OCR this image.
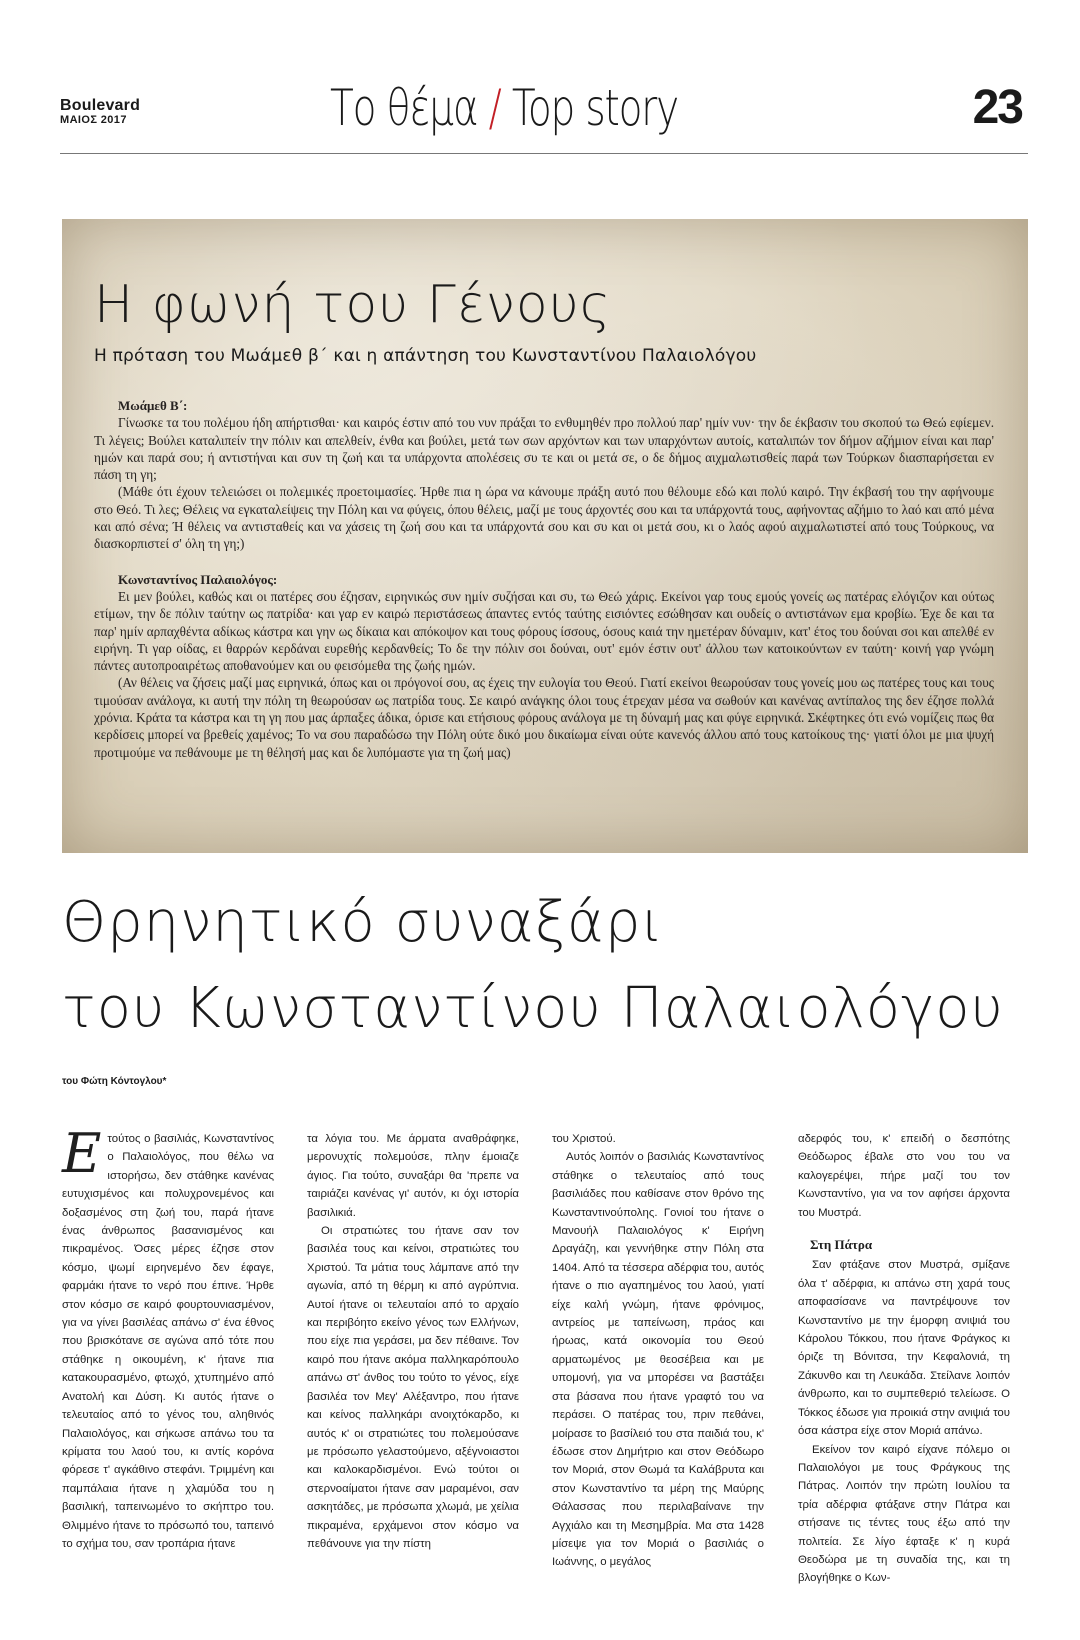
Boulevard
ΜΑΙΟΣ 2017	Το θέμα / Top story	23
Η φωνή του Γένους
Η πρόταση του Μωάμεθ β΄ και η απάντηση του Κωνσταντίνου Παλαιολόγου

Μωάμεθ Β΄:

Γίνωσκε τα του πολέμου ήδη απήρτισθαι· και καιρός έστιν από του νυν πράξαι το ενθυμηθέν προ πολλού παρ' ημίν νυν· την δε έκβασιν του σκοπού τω Θεώ εφίεμεν. Τι λέγεις; Βούλει καταλιπείν την πόλιν και απελθείν, ένθα και βούλει, μετά των σων αρχόντων και των υπαρχόντων αυτοίς, καταλιπών τον δήμον αζήμιον είναι και παρ' ημών και παρά σου; ή αντιστήναι και συν τη ζωή και τα υπάρχοντα απολέσεις συ τε και οι μετά σε, ο δε δήμος αιχμαλωτισθείς παρά των Τούρκων διασπαρήσεται εν πάση τη γη;

(Μάθε ότι έχουν τελειώσει οι πολεμικές προετοιμασίες. Ήρθε πια η ώρα να κάνουμε πράξη αυτό που θέλουμε εδώ και πολύ καιρό. Την έκβασή του την αφήνουμε στο Θεό. Τι λες; Θέλεις να εγκαταλείψεις την Πόλη και να φύγεις, όπου θέλεις, μαζί με τους άρχοντές σου και τα υπάρχοντά τους, αφήνοντας αζήμιο το λαό και από μένα και από σένα; Ή θέλεις να αντισταθείς και να χάσεις τη ζωή σου και τα υπάρχοντά σου και συ και οι μετά σου, κι ο λαός αφού αιχμαλωτιστεί από τους Τούρκους, να διασκορπιστεί σ' όλη τη γη;)

Κωνσταντίνος Παλαιολόγος:

Ει μεν βούλει, καθώς και οι πατέρες σου έζησαν, ειρηνικώς συν ημίν συζήσαι και συ, τω Θεώ χάρις. Εκείνοι γαρ τους εμούς γονείς ως πατέρας ελόγιζον και ούτως ετίμων, την δε πόλιν ταύτην ως πατρίδα· και γαρ εν καιρώ περιστάσεως άπαντες εντός ταύτης εισιόντες εσώθησαν και ουδείς ο αντιστάνων εμα κροβίω. Έχε δε και τα παρ' ημίν αρπαχθέντα αδίκως κάστρα και γην ως δίκαια και απόκοψον και τους φόρους ίσσους, όσους καιά την ημετέραν δύναμιν, κατ' έτος του δούναι σοι και απελθέ εν ειρήνη. Τι γαρ οίδας, ει θαρρών κερδάναι ευρεθής κερδανθείς; Το δε την πόλιν σοι δούναι, ουτ' εμόν έστιν ουτ' άλλου των κατοικούντων εν ταύτη· κοινή γαρ γνώμη πάντες αυτοπροαιρέτως αποθανούμεν και ου φεισόμεθα της ζωής ημών.

(Αν θέλεις να ζήσεις μαζί μας ειρηνικά, όπως και οι πρόγονοί σου, ας έχεις την ευλογία του Θεού. Γιατί εκείνοι θεωρούσαν τους γονείς μου ως πατέρες τους και τους τιμούσαν ανάλογα, κι αυτή την πόλη τη θεωρούσαν ως πατρίδα τους. Σε καιρό ανάγκης όλοι τους έτρεχαν μέσα να σωθούν και κανένας αντίπαλος της δεν έζησε πολλά χρόνια. Κράτα τα κάστρα και τη γη που μας άρπαξες άδικα, όρισε και ετήσιους φόρους ανάλογα με τη δύναμή μας και φύγε ειρηνικά. Σκέφτηκες ότι ενώ νομίζεις πως θα κερδίσεις μπορεί να βρεθείς χαμένος; Το να σου παραδώσω την Πόλη ούτε δικό μου δικαίωμα είναι ούτε κανενός άλλου από τους κατοίκους της· γιατί όλοι με μια ψυχή προτιμούμε να πεθάνουμε με τη θέλησή μας και δε λυπόμαστε για τη ζωή μας)

Θρηνητικό συναξάρι
του Κωνσταντίνου Παλαιολόγου
του Φώτη Κόντογλου*

Ετούτος ο βασιλιάς, Κωνσταντίνος ο Παλαιολόγος, που θέλω να ιστορήσω, δεν στάθηκε κανένας ευτυχισμένος και πολυχρονεμένος και δοξασμένος στη ζωή του, παρά ήτανε ένας άνθρωπος βασανισμένος και πικραμένος. Όσες μέρες έζησε στον κόσμο, ψωμί ειρηνεμένο δεν έφαγε, φαρμάκι ήτανε το νερό που έπινε. Ήρθε στον κόσμο σε καιρό φουρτουνιασμένον, για να γίνει βασιλέας απάνω σ' ένα έθνος που βρισκότανε σε αγώνα από τότε που στάθηκε η οικουμένη, κ' ήτανε πια κατακουρασμένο, φτωχό, χτυπημένο από Ανατολή και Δύση. Κι αυτός ήτανε ο τελευταίος από το γένος του, αληθινός Παλαιολόγος, και σήκωσε απάνω του τα κρίματα του λαού του, κι αντίς κορόνα φόρεσε τ' αγκάθινο στεφάνι. Τριμμένη και παμπάλαια ήτανε η χλαμύδα του η βασιλική, ταπεινωμένο το σκήπτρο του. Θλιμμένο ήτανε το πρόσωπό του, ταπεινό το σχήμα του, σαν τροπάρια ήτανε

τα λόγια του. Με άρματα αναθράφηκε, μερονυχτίς πολεμούσε, πλην έμοιαζε άγιος. Για τούτο, συναξάρι θα 'πρεπε να ταιριάζει κανένας γι' αυτόν, κι όχι ιστορία βασιλικιά.

Οι στρατιώτες του ήτανε σαν τον βασιλέα τους και κείνοι, στρατιώτες του Χριστού. Τα μάτια τους λάμπανε από την αγωνία, από τη θέρμη κι από αγρύπνια. Αυτοί ήτανε οι τελευταίοι από το αρχαίο και περιβόητο εκείνο γένος των Ελλήνων, που είχε πια γεράσει, μα δεν πέθαινε. Τον καιρό που ήτανε ακόμα παλληκαρόπουλο απάνω στ' άνθος του τούτο το γένος, είχε βασιλέα τον Μεγ' Αλέξαντρο, που ήτανε και κείνος παλληκάρι ανοιχτόκαρδο, κι αυτός κ' οι στρατιώτες του πολεμούσανε με πρόσωπο γελαστούμενο, αξέγνοιαστοι και καλοκαρδισμένοι. Ενώ τούτοι οι στερνοαίματοι ήτανε σαν μαραμένοι, σαν ασκητάδες, με πρόσωπα χλωμά, με χείλια πικραμένα, ερχάμενοι στον κόσμο να πεθάνουνε για την πίστη

του Χριστού.

Αυτός λοιπόν ο βασιλιάς Κωνσταντίνος στάθηκε ο τελευταίος από τους βασιλιάδες που καθίσανε στον θρόνο της Κωνσταντινούπολης. Γονιοί του ήτανε ο Μανουήλ Παλαιολόγος κ' Ειρήνη Δραγάζη, και γεννήθηκε στην Πόλη στα 1404. Από τα τέσσερα αδέρφια του, αυτός ήτανε ο πιο αγαπημένος του λαού, γιατί είχε καλή γνώμη, ήτανε φρόνιμος, αντρείος με ταπείνωση, πράος και ήρωας, κατά οικονομία του Θεού αρματωμένος με θεοσέβεια και με υπομονή, για να μπορέσει να βαστάξει στα βάσανα που ήτανε γραφτό του να περάσει. Ο πατέρας του, πριν πεθάνει, μοίρασε το βασίλειό του στα παιδιά του, κ' έδωσε στον Δημήτριο και στον Θεόδωρο τον Μοριά, στον Θωμά τα Καλάβρυτα και στον Κωνσταντίνο τα μέρη της Μαύρης Θάλασσας που περιλαβαίνανε την Αγχιάλο και τη Μεσημβρία. Μα στα 1428 μίσεψε για τον Μοριά ο βασιλιάς ο Ιωάννης, ο μεγάλος

αδερφός του, κ' επειδή ο δεσπότης Θεόδωρος έβαλε στο νου του να καλογερέψει, πήρε μαζί του τον Κωνσταντίνο, για να τον αφήσει άρχοντα του Μυστρά.

Στη Πάτρα

Σαν φτάξανε στον Μυστρά, σμίξανε όλα τ' αδέρφια, κι απάνω στη χαρά τους αποφασίσανε να παντρέψουνε τον Κωνσταντίνο με την έμορφη ανιψιά του Κάρολου Τόκκου, που ήτανε Φράγκος κι όριζε τη Βόνιτσα, την Κεφαλονιά, τη Ζάκυνθο και τη Λευκάδα. Στείλανε λοιπόν άνθρωπο, και το συμπεθεριό τελείωσε. Ο Τόκκος έδωσε για προικιά στην ανιψιά του όσα κάστρα είχε στον Μοριά απάνω.

Εκείνον τον καιρό είχανε πόλεμο οι Παλαιολόγοι με τους Φράγκους της Πάτρας. Λοιπόν την πρώτη Ιουλίου τα τρία αδέρφια φτάξανε στην Πάτρα και στήσανε τις τέντες τους έξω από την πολιτεία. Σε λίγο έφταξε κ' η κυρά Θεοδώρα με τη συναδία της, και τη βλογήθηκε ο Κων-
